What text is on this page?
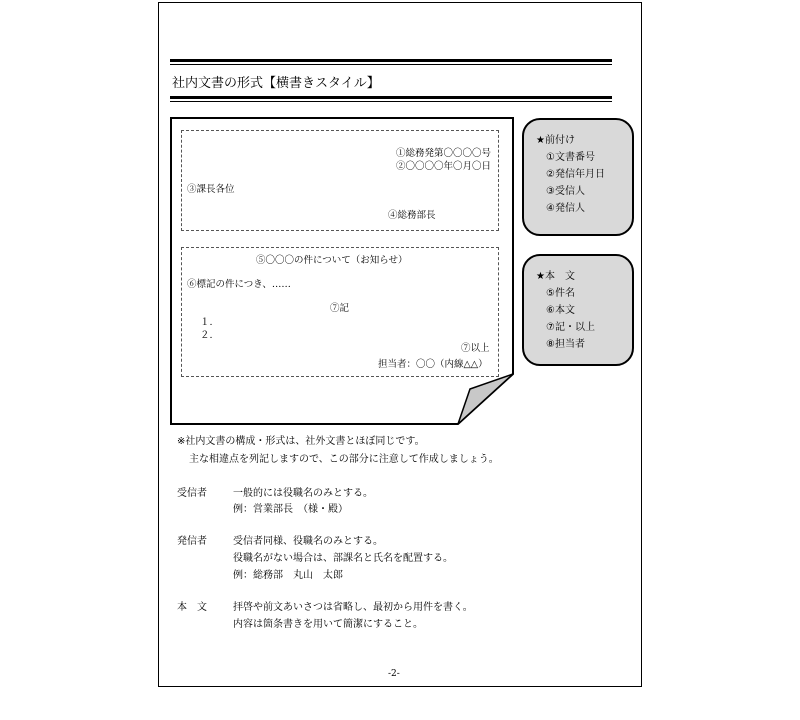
社内文書の形式【横書きスタイル】
①総務発第〇〇〇〇号
②〇〇〇〇年〇月〇日
③課長各位
④総務部長
⑤〇〇〇の件について（お知らせ）
⑥標記の件につき、……
⑦記
１.
２.
⑦以上
担当者：〇〇（内線△△）
★前付け
①文書番号
②発信年月日
③受信人
④発信人
★本　文
⑤件名
⑥本文
⑦記・以上
⑧担当者
※社内文書の構成・形式は、社外文書とほぼ同じです。
主な相違点を列記しますので、この部分に注意して作成しましょう。
受信者	一般的には役職名のみとする。
例：営業部長　（様・殿）
発信者	受信者同様、役職名のみとする。
役職名がない場合は、部課名と氏名を配置する。
例：総務部　丸山　太郎
本　文	拝啓や前文あいさつは省略し、最初から用件を書く。
内容は箇条書きを用いて簡潔にすること。
-2-
